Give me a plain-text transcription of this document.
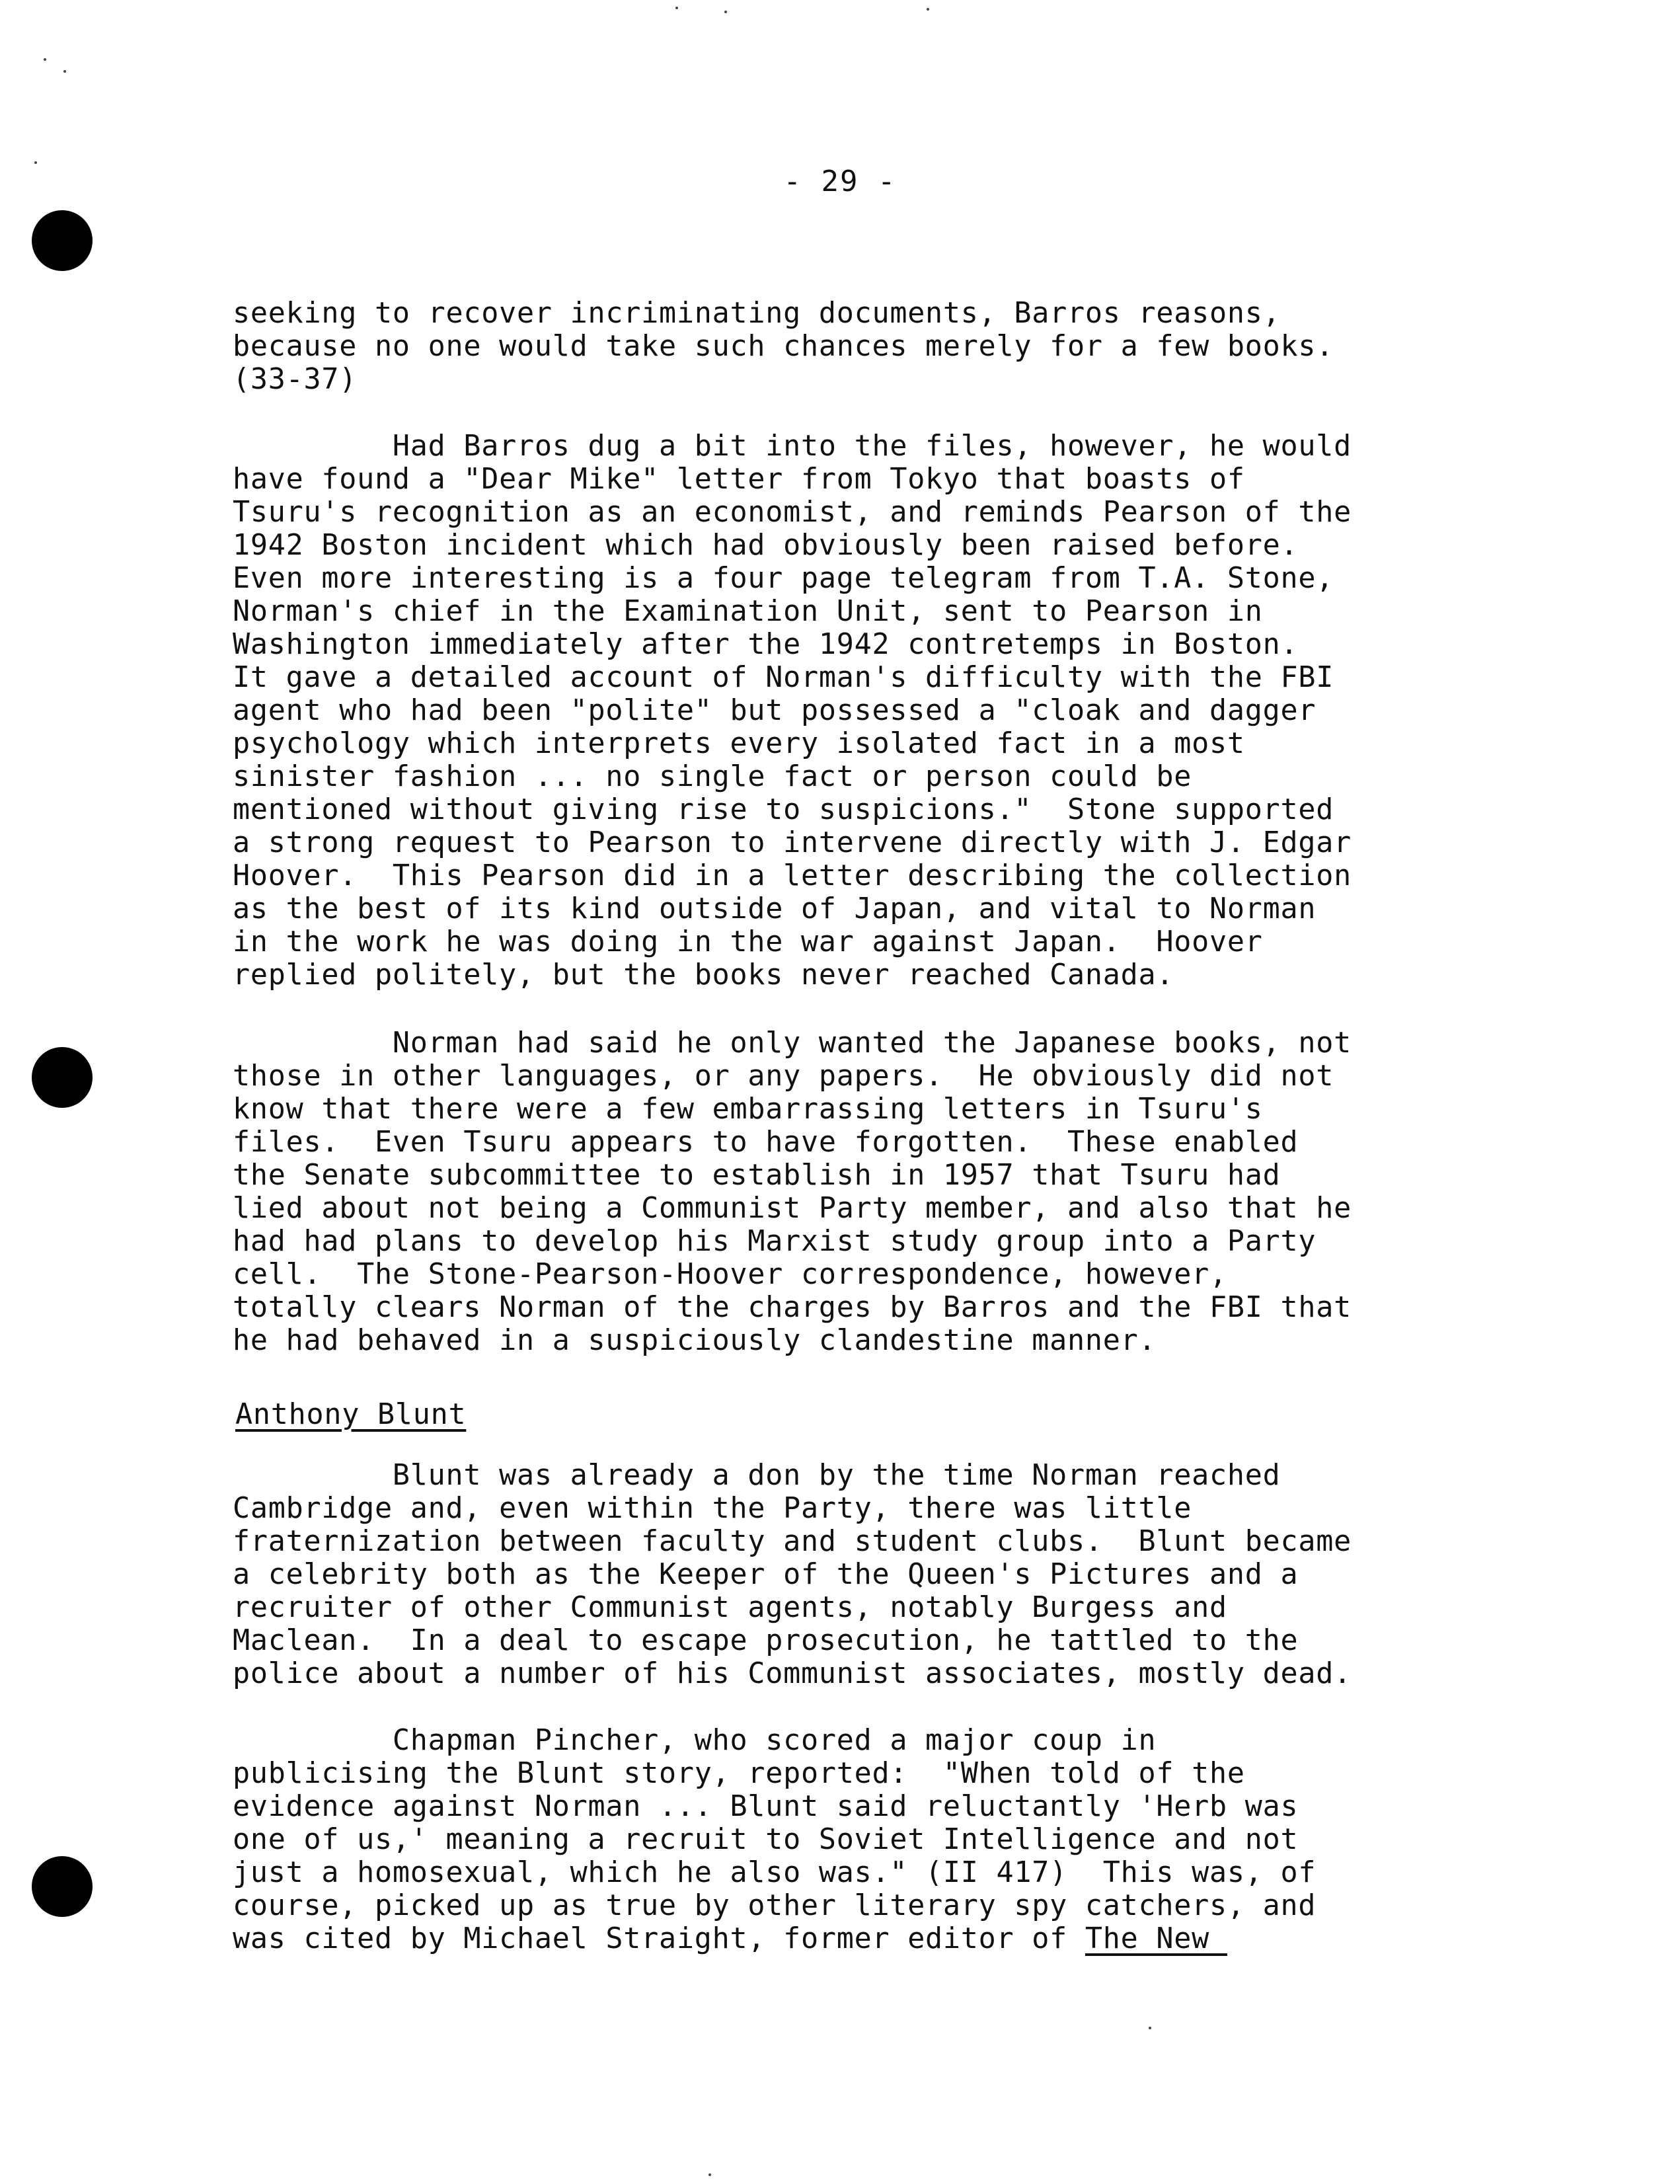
- 29 -
seeking to recover incriminating documents, Barros reasons,
because no one would take such chances merely for a few books.
(33-37)
Had Barros dug a bit into the files, however, he would
have found a "Dear Mike" letter from Tokyo that boasts of
Tsuru's recognition as an economist, and reminds Pearson of the
1942 Boston incident which had obviously been raised before.
Even more interesting is a four page telegram from T.A. Stone,
Norman's chief in the Examination Unit, sent to Pearson in
Washington immediately after the 1942 contretemps in Boston.
It gave a detailed account of Norman's difficulty with the FBI
agent who had been "polite" but possessed a "cloak and dagger
psychology which interprets every isolated fact in a most
sinister fashion ... no single fact or person could be
mentioned without giving rise to suspicions."  Stone supported
a strong request to Pearson to intervene directly with J. Edgar
Hoover.  This Pearson did in a letter describing the collection
as the best of its kind outside of Japan, and vital to Norman
in the work he was doing in the war against Japan.  Hoover
replied politely, but the books never reached Canada.
Norman had said he only wanted the Japanese books, not
those in other languages, or any papers.  He obviously did not
know that there were a few embarrassing letters in Tsuru's
files.  Even Tsuru appears to have forgotten.  These enabled
the Senate subcommittee to establish in 1957 that Tsuru had
lied about not being a Communist Party member, and also that he
had had plans to develop his Marxist study group into a Party
cell.  The Stone-Pearson-Hoover correspondence, however,
totally clears Norman of the charges by Barros and the FBI that
he had behaved in a suspiciously clandestine manner.
Anthony Blunt
Blunt was already a don by the time Norman reached
Cambridge and, even within the Party, there was little
fraternization between faculty and student clubs.  Blunt became
a celebrity both as the Keeper of the Queen's Pictures and a
recruiter of other Communist agents, notably Burgess and
Maclean.  In a deal to escape prosecution, he tattled to the
police about a number of his Communist associates, mostly dead.
Chapman Pincher, who scored a major coup in
publicising the Blunt story, reported:  "When told of the
evidence against Norman ... Blunt said reluctantly 'Herb was
one of us,' meaning a recruit to Soviet Intelligence and not
just a homosexual, which he also was." (II 417)  This was, of
course, picked up as true by other literary spy catchers, and
was cited by Michael Straight, former editor of The New
